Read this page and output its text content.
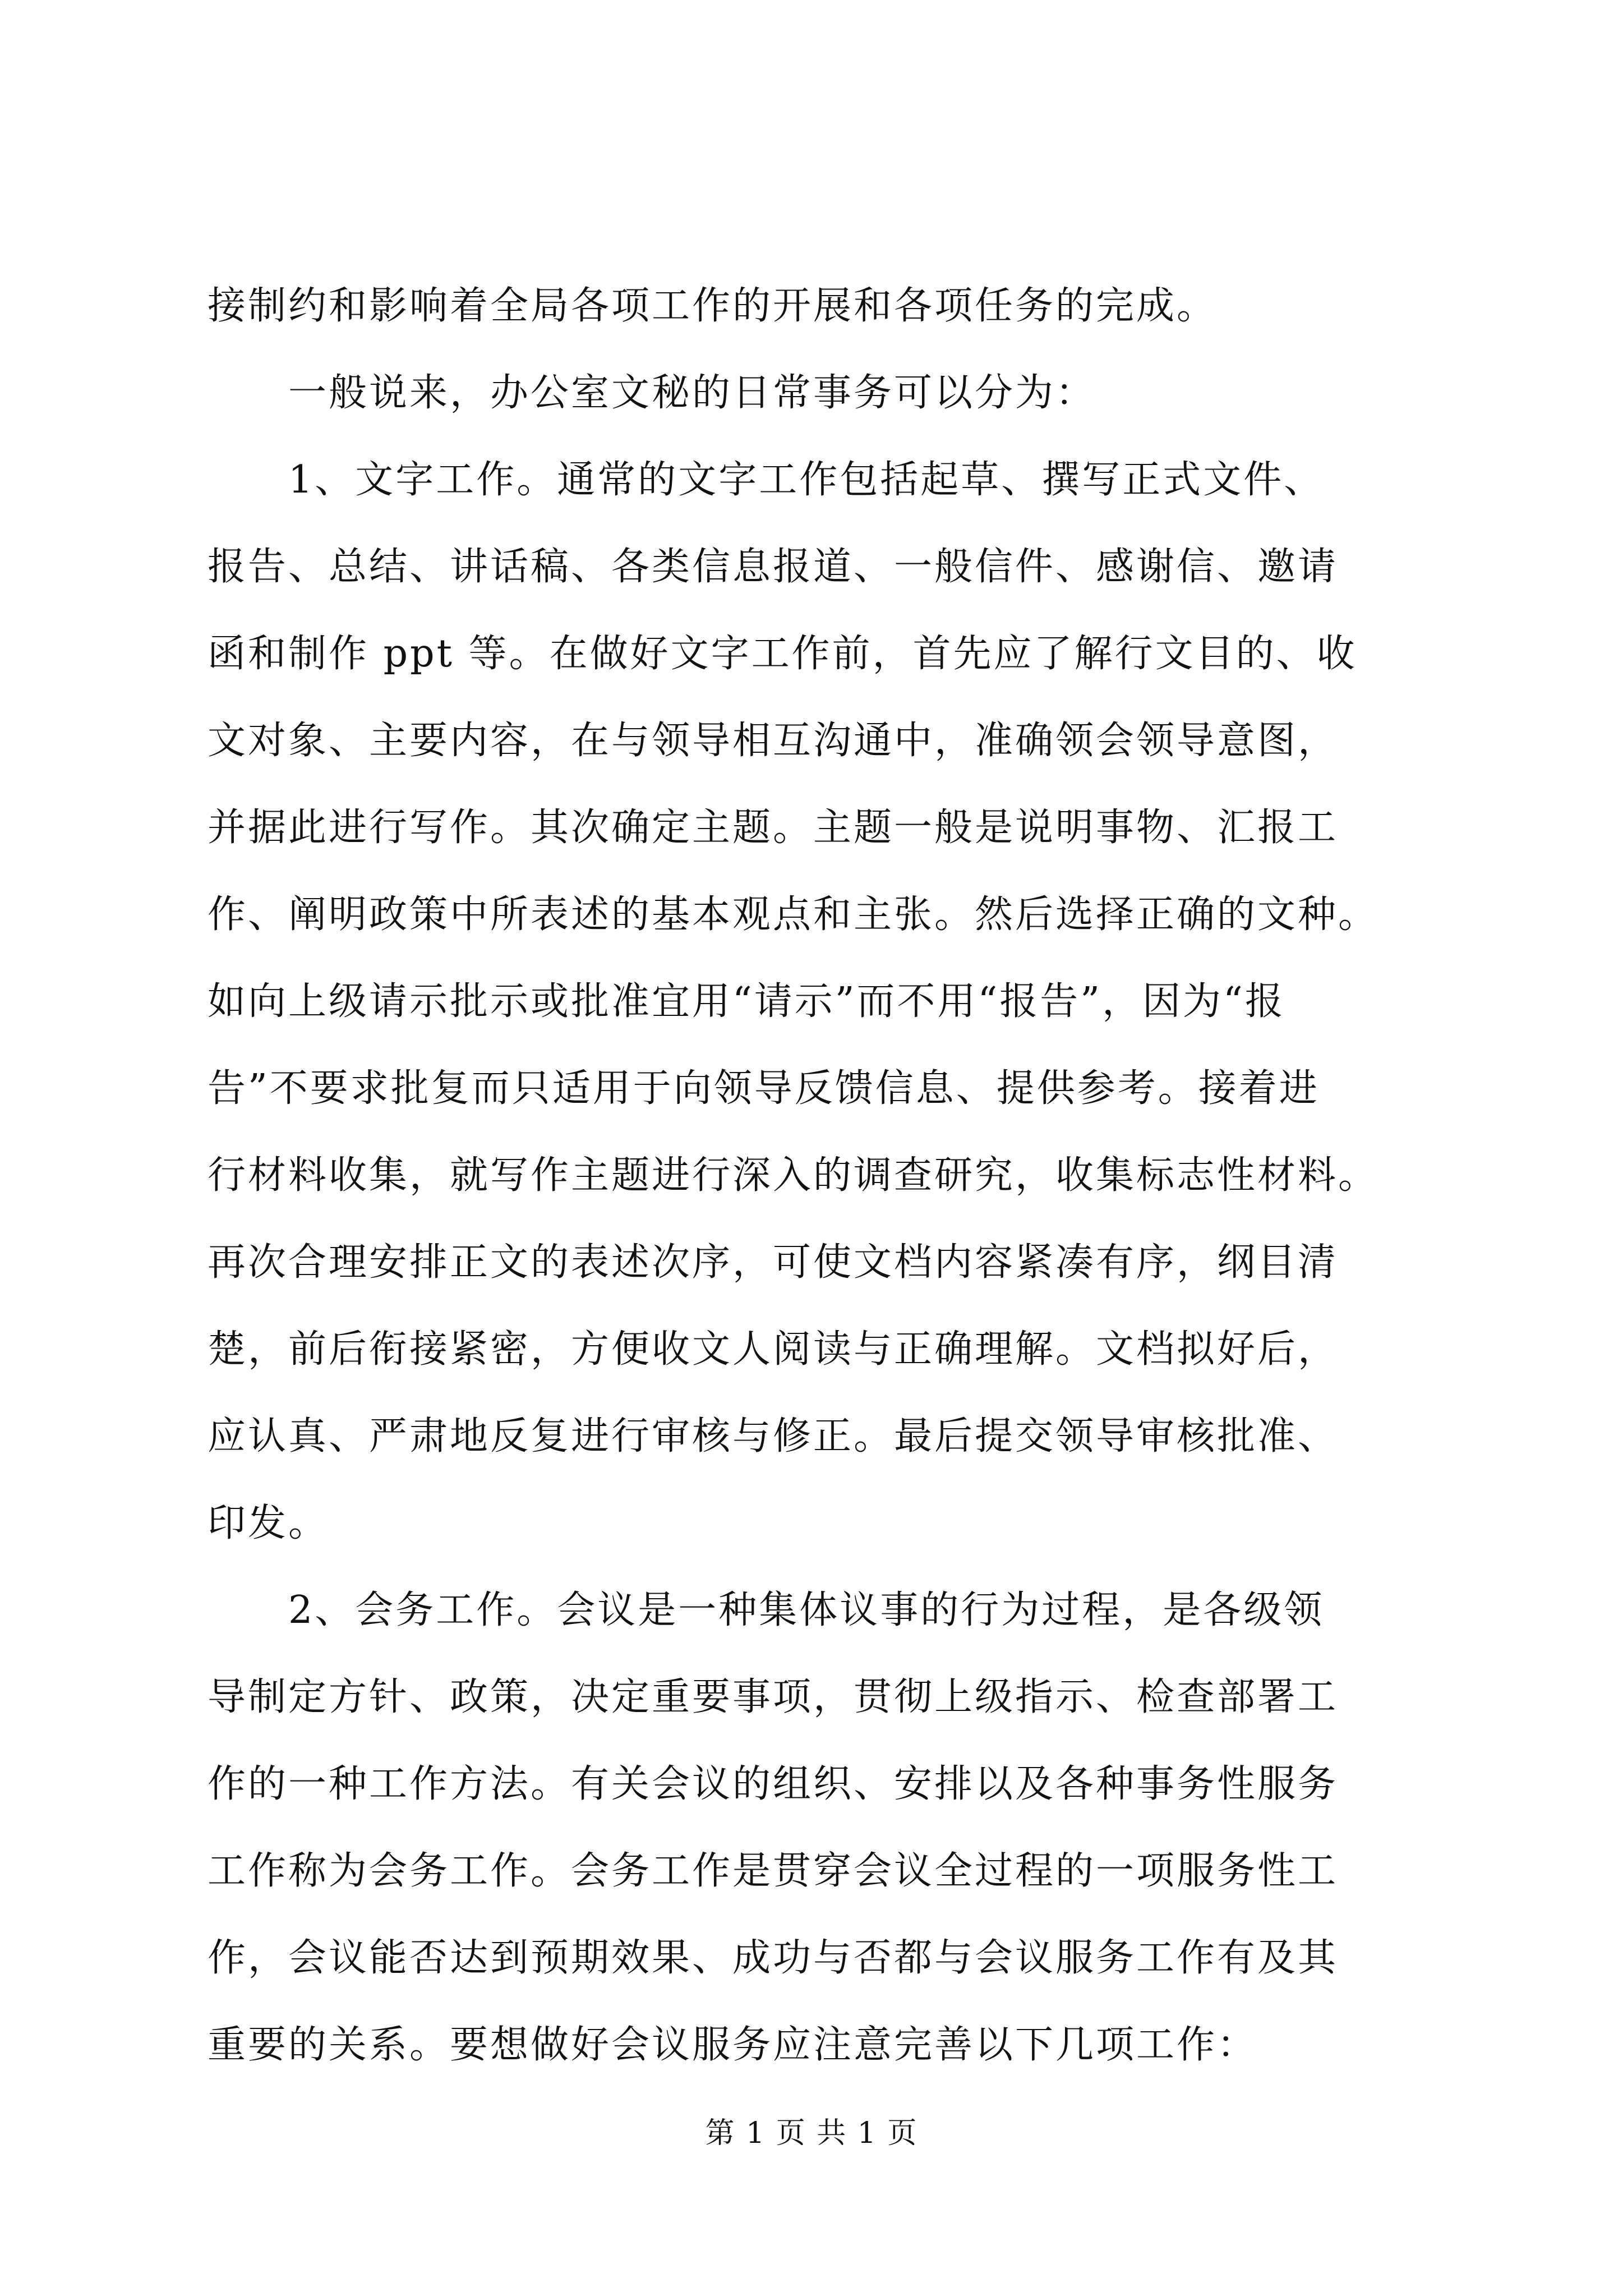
接制约和影响着全局各项工作的开展和各项任务的完成。
　　一般说来，办公室文秘的日常事务可以分为：
　　1、文字工作。通常的文字工作包括起草、撰写正式文件、
报告、总结、讲话稿、各类信息报道、一般信件、感谢信、邀请
函和制作 ppt 等。在做好文字工作前，首先应了解行文目的、收
文对象、主要内容，在与领导相互沟通中，准确领会领导意图，
并据此进行写作。其次确定主题。主题一般是说明事物、汇报工
作、阐明政策中所表述的基本观点和主张。然后选择正确的文种。
如向上级请示批示或批准宜用“请示”而不用“报告”，因为“报
告”不要求批复而只适用于向领导反馈信息、提供参考。接着进
行材料收集，就写作主题进行深入的调查研究，收集标志性材料。
再次合理安排正文的表述次序，可使文档内容紧凑有序，纲目清
楚，前后衔接紧密，方便收文人阅读与正确理解。文档拟好后，
应认真、严肃地反复进行审核与修正。最后提交领导审核批准、
印发。
　　2、会务工作。会议是一种集体议事的行为过程，是各级领
导制定方针、政策，决定重要事项，贯彻上级指示、检查部署工
作的一种工作方法。有关会议的组织、安排以及各种事务性服务
工作称为会务工作。会务工作是贯穿会议全过程的一项服务性工
作，会议能否达到预期效果、成功与否都与会议服务工作有及其
重要的关系。要想做好会议服务应注意完善以下几项工作：
第 1 页 共 1 页
